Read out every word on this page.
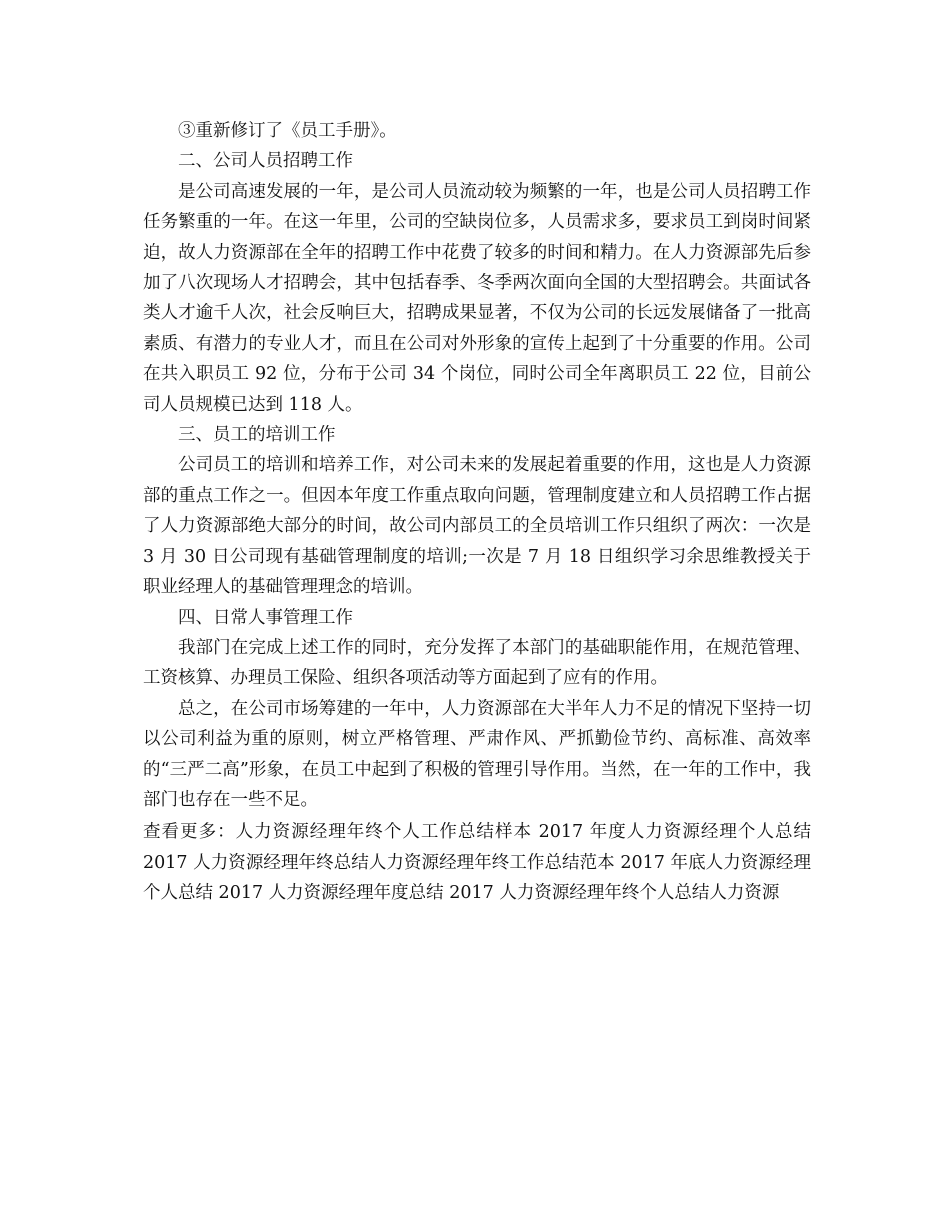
③重新修订了《员工手册》。

二、公司人员招聘工作

是公司高速发展的一年，是公司人员流动较为频繁的一年，也是公司人员招聘工作任务繁重的一年。在这一年里，公司的空缺岗位多，人员需求多，要求员工到岗时间紧迫，故人力资源部在全年的招聘工作中花费了较多的时间和精力。在人力资源部先后参加了八次现场人才招聘会，其中包括春季、冬季两次面向全国的大型招聘会。共面试各类人才逾千人次，社会反响巨大，招聘成果显著，不仅为公司的长远发展储备了一批高素质、有潜力的专业人才，而且在公司对外形象的宣传上起到了十分重要的作用。公司在共入职员工 92 位，分布于公司 34 个岗位，同时公司全年离职员工 22 位，目前公司人员规模已达到 118 人。

三、员工的培训工作

公司员工的培训和培养工作，对公司未来的发展起着重要的作用，这也是人力资源部的重点工作之一。但因本年度工作重点取向问题，管理制度建立和人员招聘工作占据了人力资源部绝大部分的时间，故公司内部员工的全员培训工作只组织了两次：一次是 3 月 30 日公司现有基础管理制度的培训;一次是 7 月 18 日组织学习余思维教授关于职业经理人的基础管理理念的培训。

四、日常人事管理工作

我部门在完成上述工作的同时，充分发挥了本部门的基础职能作用，在规范管理、工资核算、办理员工保险、组织各项活动等方面起到了应有的作用。

总之，在公司市场筹建的一年中，人力资源部在大半年人力不足的情况下坚持一切以公司利益为重的原则，树立严格管理、严肃作风、严抓勤俭节约、高标准、高效率的“三严二高”形象，在员工中起到了积极的管理引导作用。当然，在一年的工作中，我部门也存在一些不足。

查看更多：人力资源经理年终个人工作总结样本 2017 年度人力资源经理个人总结 2017 人力资源经理年终总结人力资源经理年终工作总结范本 2017 年底人力资源经理个人总结 2017 人力资源经理年度总结 2017 人力资源经理年终个人总结人力资源
